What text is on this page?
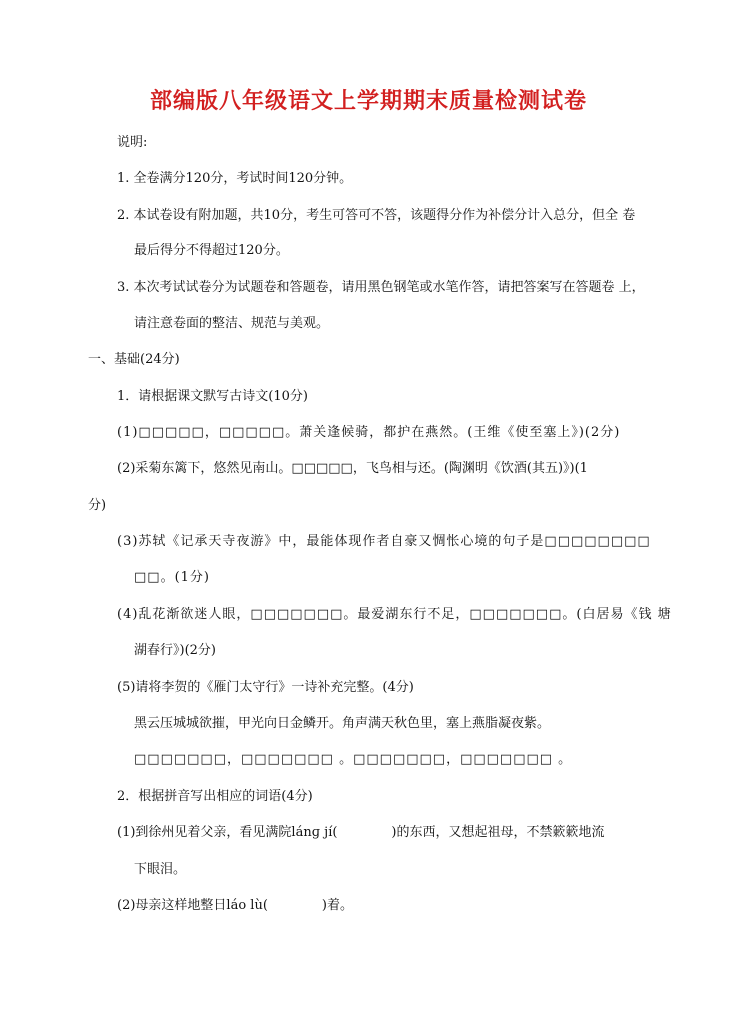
部编版八年级语文上学期期末质量检测试卷
说明:
1. 全卷满分120分，考试时间120分钟。
2. 本试卷设有附加题，共10分，考生可答可不答，该题得分作为补偿分计入总分，但全 卷
最后得分不得超过120分。
3. 本次考试试卷分为试题卷和答题卷，请用黑色钢笔或水笔作答，请把答案写在答题卷 上，
请注意卷面的整洁、规范与美观。
一、基础(24分)
1．请根据课文默写古诗文(10分)
(1)□□□□□，□□□□□。萧关逢候骑，都护在燕然。(王维《使至塞上》)(2分)
(2)采菊东篱下，悠然见南山。□□□□□，飞鸟相与还。(陶渊明《饮酒(其五)》)(1
分)
(3)苏轼《记承天寺夜游》中，最能体现作者自豪又惆怅心境的句子是□□□□□□□□
□□。(1分)
(4)乱花渐欲迷人眼，□□□□□□□。最爱湖东行不足，□□□□□□□。(白居易《钱 塘
湖春行》)(2分)
(5)请将李贺的《雁门太守行》一诗补充完整。(4分)
黑云压城城欲摧，甲光向日金鳞开。角声满天秋色里，塞上燕脂凝夜紫。
□□□□□□□，□□□□□□□ 。□□□□□□□，□□□□□□□ 。
2．根据拼音写出相应的词语(4分)
(1)到徐州见着父亲，看见满院lánɡ jí(	)的东西，又想起祖母，不禁簌簌地流
下眼泪。
(2)母亲这样地整日láo lù(	)着。
